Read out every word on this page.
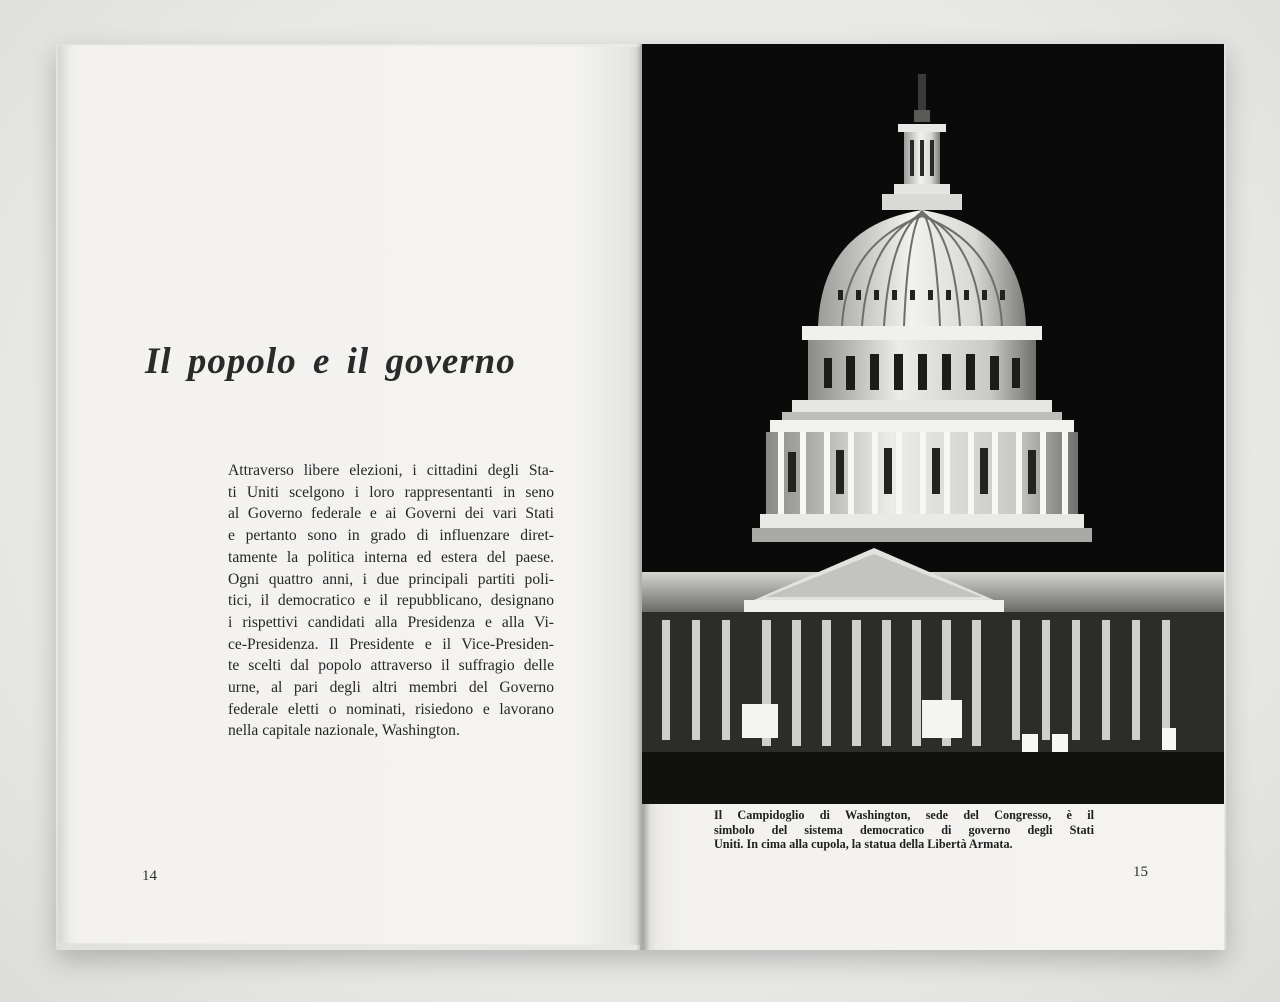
Il popolo e il governo
Attraverso libere elezioni, i cittadini degli Sta-
ti Uniti scelgono i loro rappresentanti in seno
al Governo federale e ai Governi dei vari Stati
e pertanto sono in grado di influenzare diret-
tamente la politica interna ed estera del paese.
Ogni quattro anni, i due principali partiti poli-
tici, il democratico e il repubblicano, designano
i rispettivi candidati alla Presidenza e alla Vi-
ce-Presidenza. Il Presidente e il Vice-Presiden-
te scelti dal popolo attraverso il suffragio delle
urne, al pari degli altri membri del Governo
federale eletti o nominati, risiedono e lavorano
nella capitale nazionale, Washington.
14
Il Campidoglio di Washington, sede del Congresso, è il
simbolo del sistema democratico di governo degli Stati
Uniti. In cima alla cupola, la statua della Libertà Armata.
15
